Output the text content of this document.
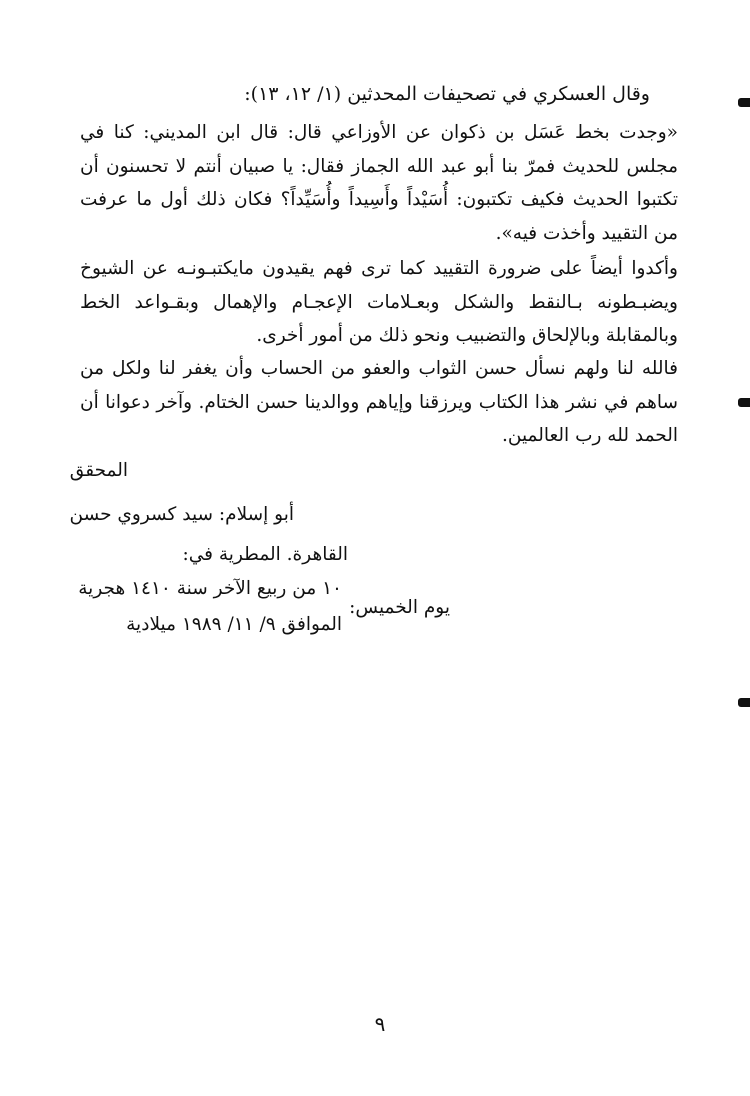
وقال العسكري في تصحيفات المحدثين (١/ ١٢، ١٣):

«وجدت بخط عَسَل بن ذكوان عن الأوزاعي قال: قال ابن المديني: كنا في مجلس للحديث فمرّ بنا أبو عبد الله الجماز فقال: يا صبيان أنتم لا تحسنون أن تكتبوا الحديث فكيف تكتبون: أُسَيْداً وأَسِيداً وأُسَيِّداً؟ فكان ذلك أول ما عرفت من التقييد وأخذت فيه».

وأكدوا أيضاً على ضرورة التقييد كما ترى فهم يقيدون مايكتبـونـه عن الشيوخ ويضبـطونه بـالنقط والشكل وبعـلامات الإعجـام والإهمال وبقـواعد الخط وبالمقابلة وبالإلحاق والتضبيب ونحو ذلك من أمور أخرى.

فالله لنا ولهم نسأل حسن الثواب والعفو من الحساب وأن يغفر لنا ولكل من ساهم في نشر هذا الكتاب ويرزقنا وإياهم ووالدينا حسن الختام. وآخر دعوانا أن الحمد لله رب العالمين.

المحقق
أبو إسلام: سيد كسروي حسن
القاهرة. المطرية في:
يوم الخميس:
١٠ من ربيع الآخر سنة ١٤١٠ هجرية
الموافق ٩/ ١١/ ١٩٨٩ ميلادية
٩
